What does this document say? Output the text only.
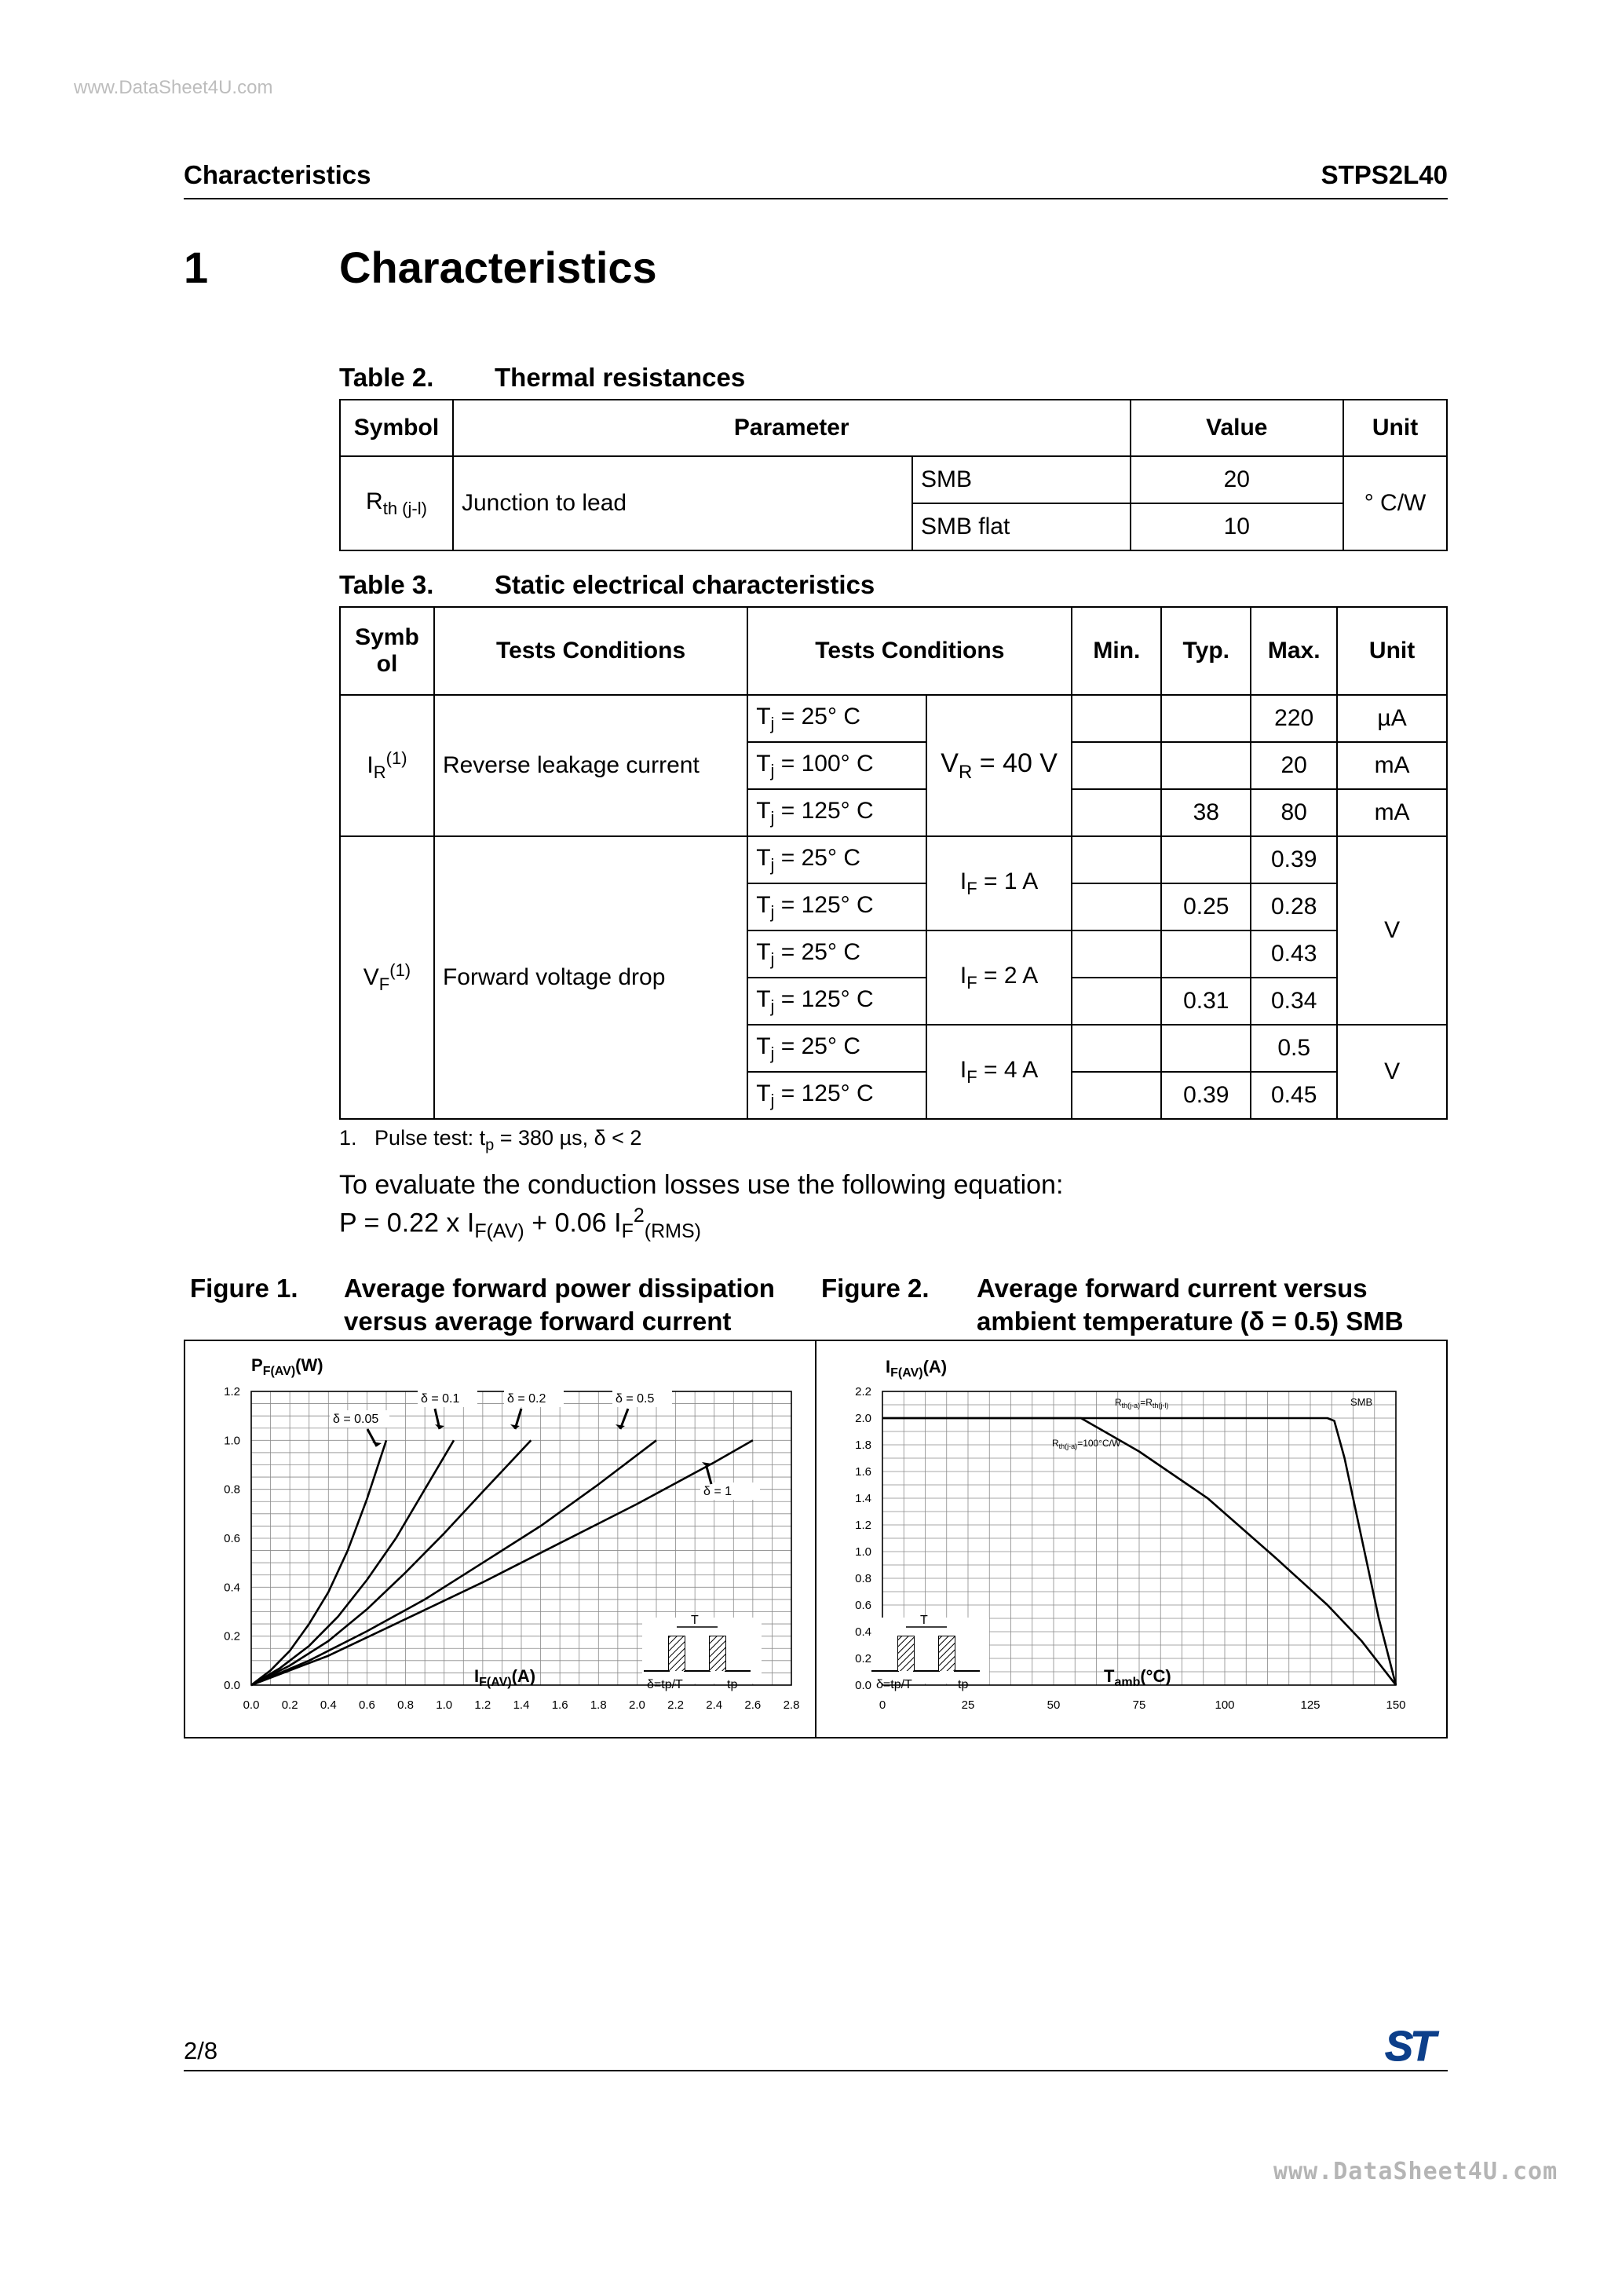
www.DataSheet4U.com
Characteristics	STPS2L40
1	Characteristics
Table 2. Thermal resistances
Symbol	Parameter		Value	Unit
$R_{th (j-l)}$	Junction to lead	SMB	20	° C/W
		SMB flat	10	
Table 3. Static electrical characteristics
Symb ol	Tests Conditions	Tests Conditions		Min.	Typ.	Max.	Unit
$I_R^{(1)}$	Reverse leakage current	$T_j = 25^\circ$ C	$V_R = 40$ V			220	µA
		$T_j = 100^\circ$ C				20	mA
		$T_j = 125^\circ$ C			38	80	mA
$V_F^{(1)}$	Forward voltage drop	$T_j = 25^\circ$ C	$I_F = 1$ A			0.39	V
		$T_j = 125^\circ$ C			0.25	0.28	
		$T_j = 25^\circ$ C	$I_F = 2$ A			0.43	
		$T_j = 125^\circ$ C			0.31	0.34	
		$T_j = 25^\circ$ C	$I_F = 4$ A			0.5	V
		$T_j = 125^\circ$ C			0.39	0.45	
1. Pulse test: $t_p = 380$ µs, δ < 2
To evaluate the conduction losses use the following equation:
P = 0.22 x $I_{F(AV)} + 0.06$ $I_F^2_{(RMS)}$
Figure 1. Average forward power dissipation
versus average forward current
Figure 2. Average forward current versus
ambient temperature (δ = 0.5) SMB
$P_{F(AV)}(W)$
0.0 0.2 0.4 0.6 0.8 1.0 1.2 1.4 1.6 1.8 2.0 2.2 2.4 2.6 2.8
0.0
0.2
0.4
0.6
0.8
1.0
1.2
δ = 0.05
δ = 0.1	δ = 0.2	δ = 0.5
δ = 1
$I_{F(AV)}(A)$
T
δ=tp/T	tp
$I_{F(AV)}(A)$
0	25	50	75	100	125	150
0.0
0.2
0.4
0.6
0.8
1.0
1.2
1.4
1.6
1.8
2.0
2.2
$T_{amb}(^\circ C)$
$R_{th(j-a)}=R_{th(j-l)}$
$R_{th(j-a)}=100^\circ C/W$
SMB
T
δ=tp/T	tp
2/8	ST
www.DataSheet4U.com
